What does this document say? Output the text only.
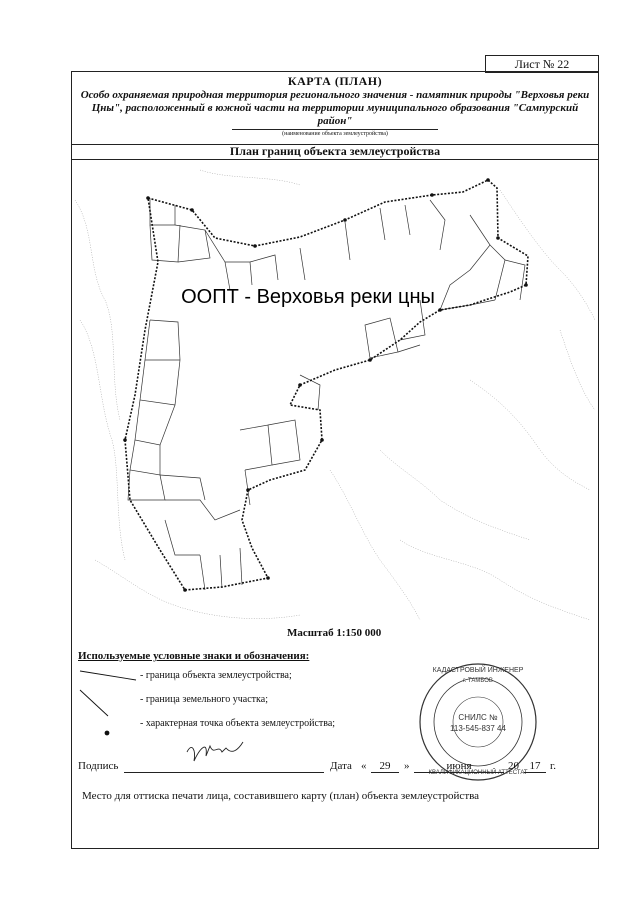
Лист № 22
КАРТА (ПЛАН)
Особо охраняемая природная территория регионального значения - памятник природы "Верховья реки Цны", расположенный в южной части на территории муниципального образования "Сампурский район"
(наименование объекта землеустройства)
План границ объекта землеустройства
ООПТ - Верховья реки цны
КАДАСТРОВЫЙ ИНЖЕНЕР
г. ТАМБОВ
СНИЛС №
113-545-837 44
КВАЛИФИКАЦИОННЫЙ АТТЕСТАТ
Масштаб 1:150 000
Используемые условные знаки и обозначения:
- граница объекта землеустройства;
- граница земельного участка;
- характерная точка объекта землеустройства;
Подпись	Дата «	29	»	июня	20 17 г.
Место для оттиска печати лица, составившего карту (план) объекта землеустройства
